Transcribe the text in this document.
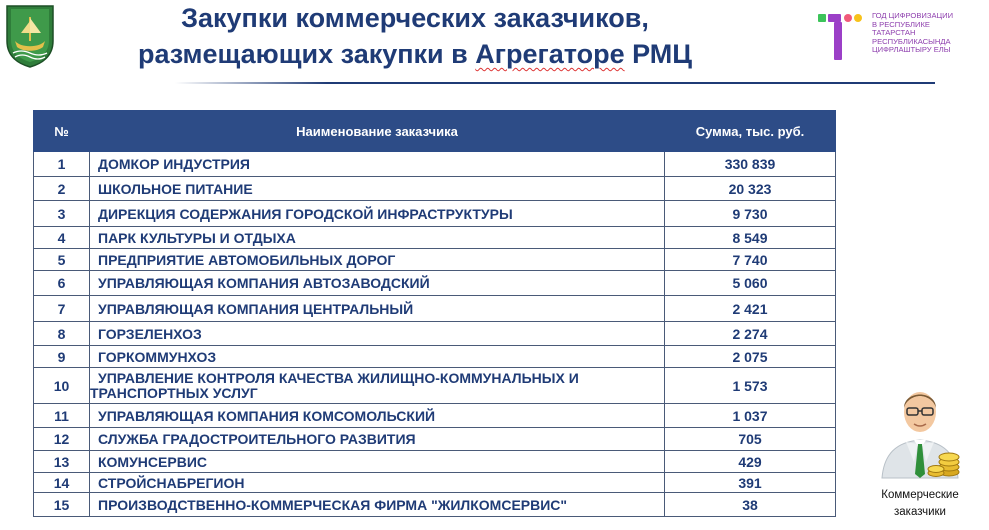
Закупки коммерческих заказчиков,
размещающих закупки в Агрегаторе РМЦ
ГОД ЦИФРОВИЗАЦИИ
В РЕСПУБЛИКЕ
ТАТАРСТАН
РЕСПУБЛИКАСЫНДА
ЦИФРЛАШТЫРУ ЕЛЫ
№	Наименование заказчика	Сумма, тыс. руб.
1	ДОМКОР ИНДУСТРИЯ	330 839
2	ШКОЛЬНОЕ ПИТАНИЕ	20 323
3	ДИРЕКЦИЯ СОДЕРЖАНИЯ ГОРОДСКОЙ ИНФРАСТРУКТУРЫ	9 730
4	ПАРК КУЛЬТУРЫ И ОТДЫХА	8 549
5	ПРЕДПРИЯТИЕ АВТОМОБИЛЬНЫХ ДОРОГ	7 740
6	УПРАВЛЯЮЩАЯ КОМПАНИЯ АВТОЗАВОДСКИЙ	5 060
7	УПРАВЛЯЮЩАЯ КОМПАНИЯ ЦЕНТРАЛЬНЫЙ	2 421
8	ГОРЗЕЛЕНХОЗ	2 274
9	ГОРКОММУНХОЗ	2 075
10	УПРАВЛЕНИЕ КОНТРОЛЯ КАЧЕСТВА ЖИЛИЩНО-КОММУНАЛЬНЫХ И
ТРАНСПОРТНЫХ УСЛУГ	1 573
11	УПРАВЛЯЮЩАЯ КОМПАНИЯ КОМСОМОЛЬСКИЙ	1 037
12	СЛУЖБА ГРАДОСТРОИТЕЛЬНОГО РАЗВИТИЯ	705
13	КОМУНСЕРВИС	429
14	СТРОЙСНАБРЕГИОН	391
15	ПРОИЗВОДСТВЕННО-КОММЕРЧЕСКАЯ ФИРМА "ЖИЛКОМСЕРВИС"	38
Коммерческие
заказчики
